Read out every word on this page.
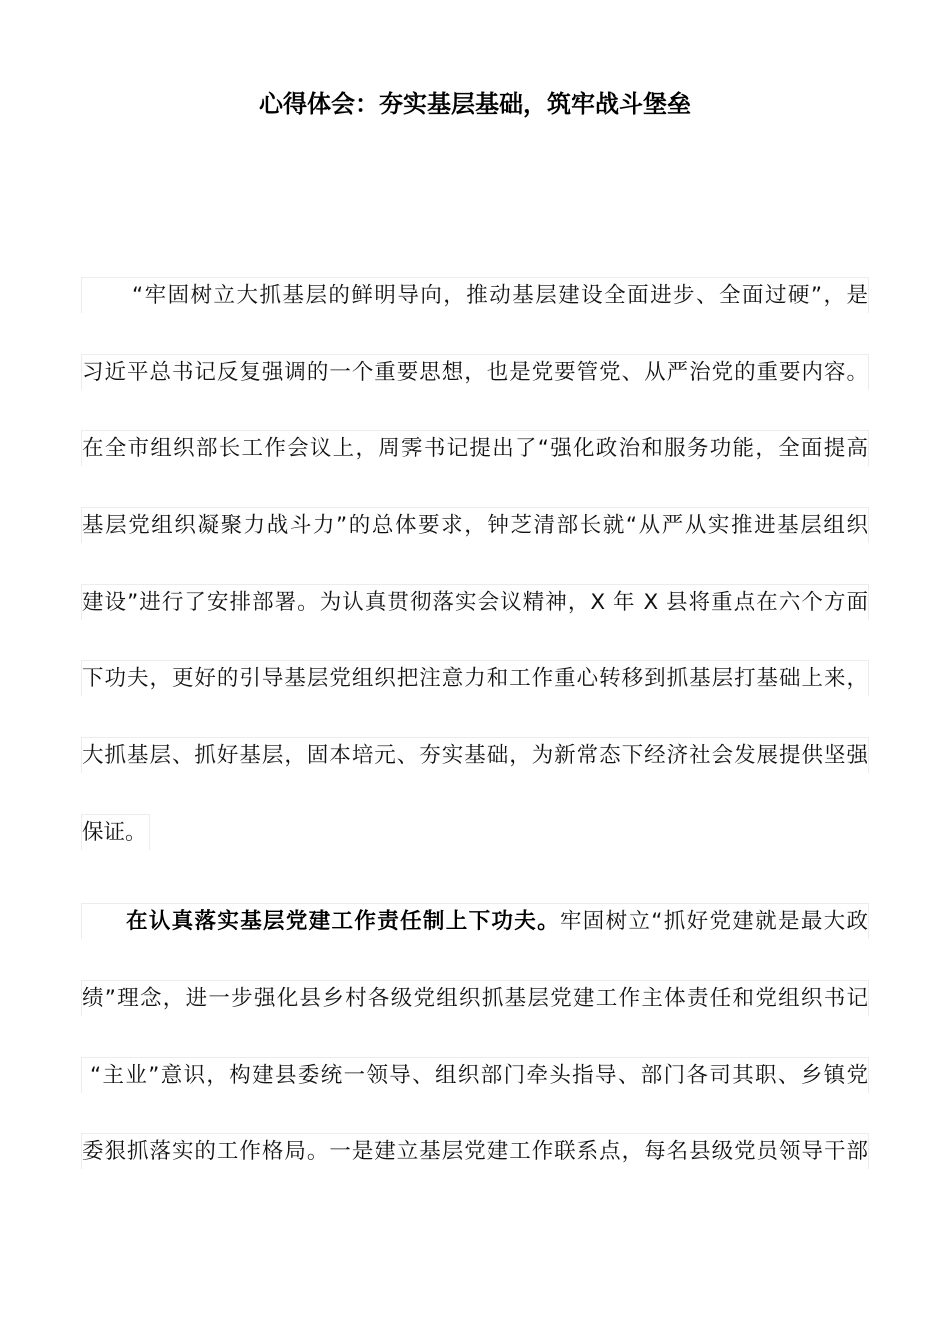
心得体会：夯实基层基础，筑牢战斗堡垒
“牢固树立大抓基层的鲜明导向，推动基层建设全面进步、全面过硬”，是
习近平总书记反复强调的一个重要思想，也是党要管党、从严治党的重要内容。
在全市组织部长工作会议上，周霁书记提出了“强化政治和服务功能，全面提高
基层党组织凝聚力战斗力”的总体要求，钟芝清部长就“从严从实推进基层组织
建设”进行了安排部署。为认真贯彻落实会议精神，X 年 X 县将重点在六个方面
下功夫，更好的引导基层党组织把注意力和工作重心转移到抓基层打基础上来，
大抓基层、抓好基层，固本培元、夯实基础，为新常态下经济社会发展提供坚强
保证。
在认真落实基层党建工作责任制上下功夫。牢固树立“抓好党建就是最大政
绩”理念，进一步强化县乡村各级党组织抓基层党建工作主体责任和党组织书记
“主业”意识，构建县委统一领导、组织部门牵头指导、部门各司其职、乡镇党
委狠抓落实的工作格局。一是建立基层党建工作联系点，每名县级党员领导干部
